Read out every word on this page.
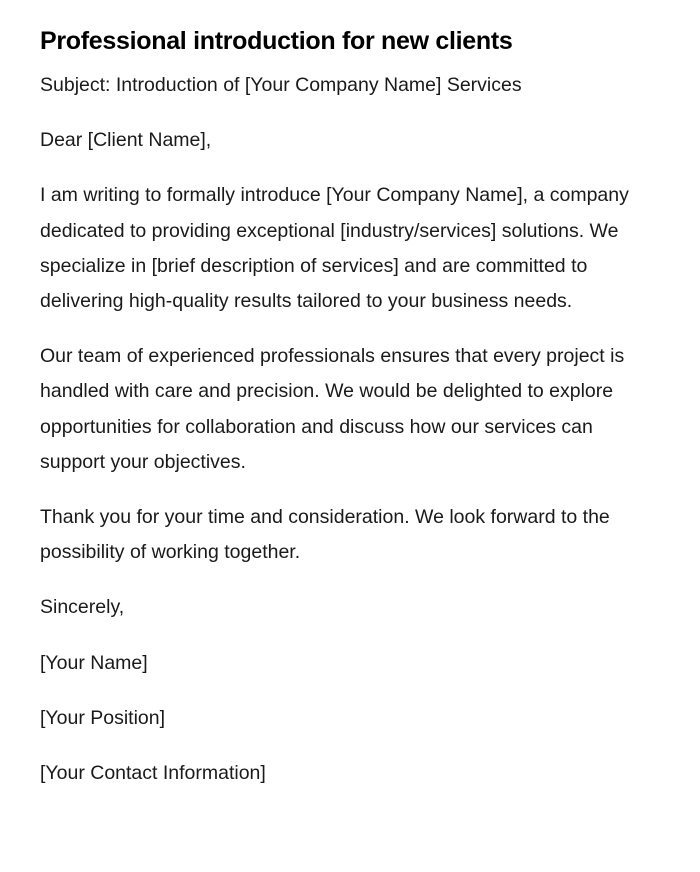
Professional introduction for new clients

Subject: Introduction of [Your Company Name] Services

Dear [Client Name],

I am writing to formally introduce [Your Company Name], a company dedicated to providing exceptional [industry/services] solutions. We specialize in [brief description of services] and are committed to delivering high-quality results tailored to your business needs.

Our team of experienced professionals ensures that every project is handled with care and precision. We would be delighted to explore opportunities for collaboration and discuss how our services can support your objectives.

Thank you for your time and consideration. We look forward to the possibility of working together.

Sincerely,

[Your Name]

[Your Position]

[Your Contact Information]
